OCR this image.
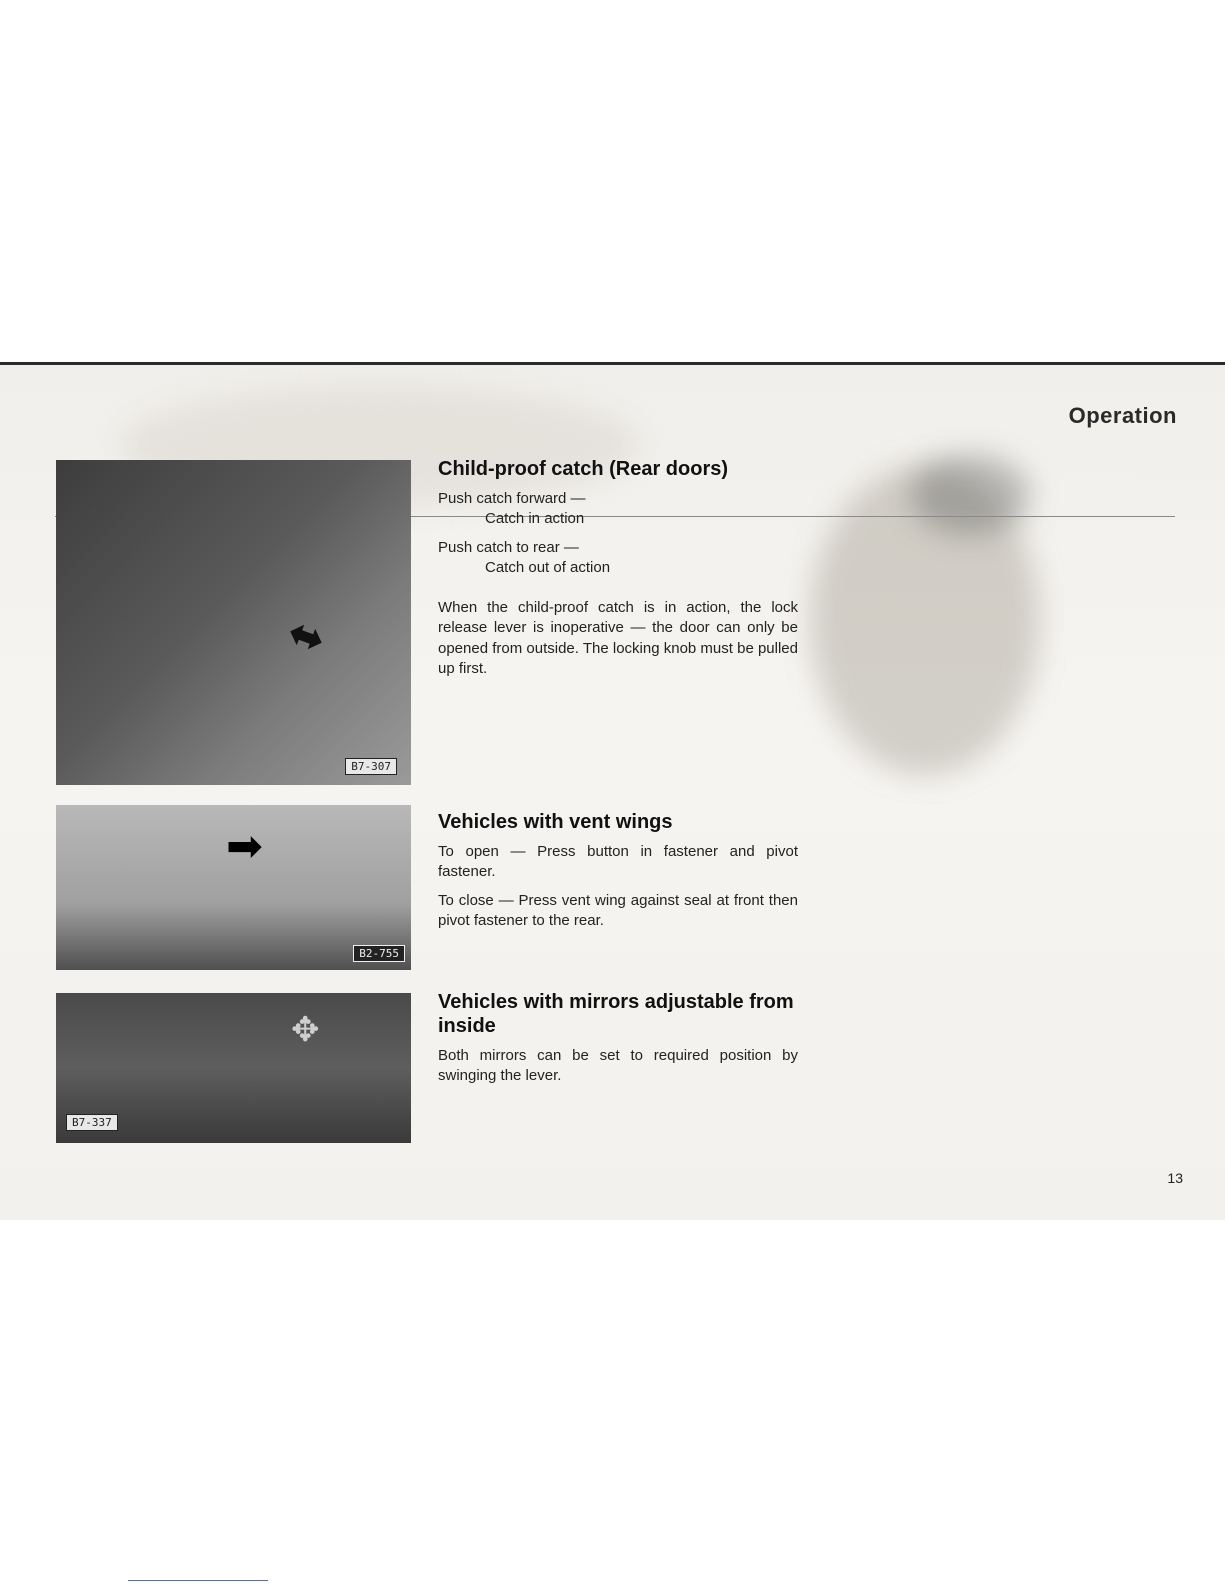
Operation
⬌
B7-307
➡
B2-755
✥
B7-337
Child-proof catch (Rear doors)
Push catch forward —
Catch in action
Push catch to rear —
Catch out of action
When the child-proof catch is in action, the lock release lever is inoperative — the door can only be opened from outside. The locking knob must be pulled up first.
Vehicles with vent wings
To open — Press button in fastener and pivot fastener.
To close — Press vent wing against seal at front then pivot fastener to the rear.
Vehicles with mirrors adjustable from inside
Both mirrors can be set to required position by swinging the lever.
13
